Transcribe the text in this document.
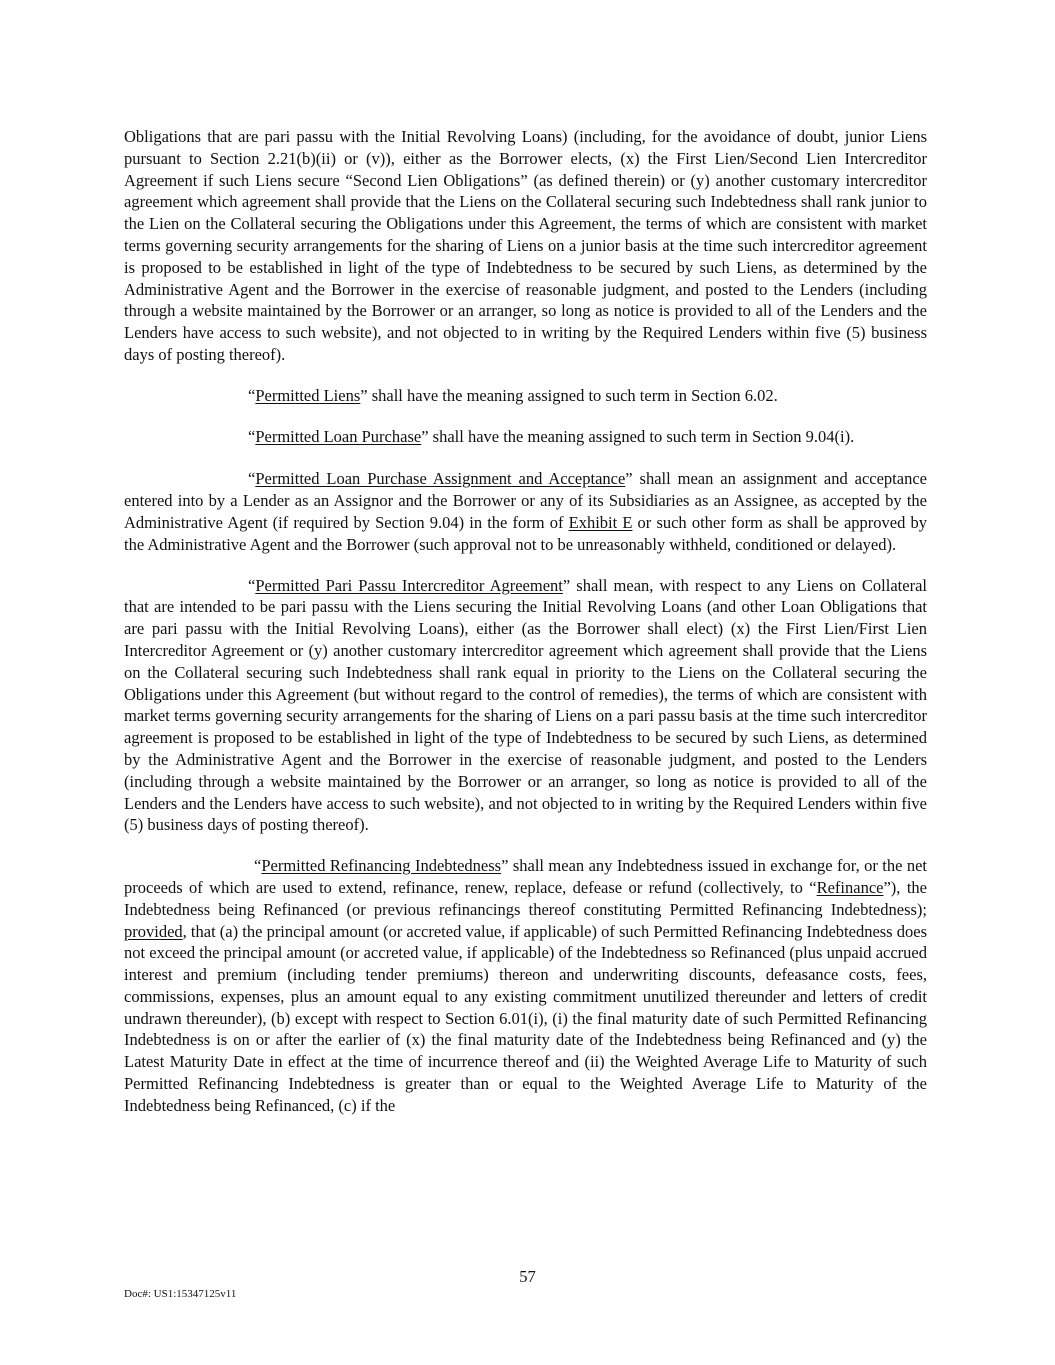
Obligations that are pari passu with the Initial Revolving Loans) (including, for the avoidance of doubt, junior Liens pursuant to Section 2.21(b)(ii) or (v)), either as the Borrower elects, (x) the First Lien/Second Lien Intercreditor Agreement if such Liens secure “Second Lien Obligations” (as defined therein) or (y) another customary intercreditor agreement which agreement shall provide that the Liens on the Collateral securing such Indebtedness shall rank junior to the Lien on the Collateral securing the Obligations under this Agreement, the terms of which are consistent with market terms governing security arrangements for the sharing of Liens on a junior basis at the time such intercreditor agreement is proposed to be established in light of the type of Indebtedness to be secured by such Liens, as determined by the Administrative Agent and the Borrower in the exercise of reasonable judgment, and posted to the Lenders (including through a website maintained by the Borrower or an arranger, so long as notice is provided to all of the Lenders and the Lenders have access to such website), and not objected to in writing by the Required Lenders within five (5) business days of posting thereof).

“Permitted Liens” shall have the meaning assigned to such term in Section 6.02.

“Permitted Loan Purchase” shall have the meaning assigned to such term in Section 9.04(i).

“Permitted Loan Purchase Assignment and Acceptance” shall mean an assignment and acceptance entered into by a Lender as an Assignor and the Borrower or any of its Subsidiaries as an Assignee, as accepted by the Administrative Agent (if required by Section 9.04) in the form of Exhibit E or such other form as shall be approved by the Administrative Agent and the Borrower (such approval not to be unreasonably withheld, conditioned or delayed).

“Permitted Pari Passu Intercreditor Agreement” shall mean, with respect to any Liens on Collateral that are intended to be pari passu with the Liens securing the Initial Revolving Loans (and other Loan Obligations that are pari passu with the Initial Revolving Loans), either (as the Borrower shall elect) (x) the First Lien/First Lien Intercreditor Agreement or (y) another customary intercreditor agreement which agreement shall provide that the Liens on the Collateral securing such Indebtedness shall rank equal in priority to the Liens on the Collateral securing the Obligations under this Agreement (but without regard to the control of remedies), the terms of which are consistent with market terms governing security arrangements for the sharing of Liens on a pari passu basis at the time such intercreditor agreement is proposed to be established in light of the type of Indebtedness to be secured by such Liens, as determined by the Administrative Agent and the Borrower in the exercise of reasonable judgment, and posted to the Lenders (including through a website maintained by the Borrower or an arranger, so long as notice is provided to all of the Lenders and the Lenders have access to such website), and not objected to in writing by the Required Lenders within five (5) business days of posting thereof).

“Permitted Refinancing Indebtedness” shall mean any Indebtedness issued in exchange for, or the net proceeds of which are used to extend, refinance, renew, replace, defease or refund (collectively, to “Refinance”), the Indebtedness being Refinanced (or previous refinancings thereof constituting Permitted Refinancing Indebtedness); provided, that (a) the principal amount (or accreted value, if applicable) of such Permitted Refinancing Indebtedness does not exceed the principal amount (or accreted value, if applicable) of the Indebtedness so Refinanced (plus unpaid accrued interest and premium (including tender premiums) thereon and underwriting discounts, defeasance costs, fees, commissions, expenses, plus an amount equal to any existing commitment unutilized thereunder and letters of credit undrawn thereunder), (b) except with respect to Section 6.01(i), (i) the final maturity date of such Permitted Refinancing Indebtedness is on or after the earlier of (x) the final maturity date of the Indebtedness being Refinanced and (y) the Latest Maturity Date in effect at the time of incurrence thereof and (ii) the Weighted Average Life to Maturity of such Permitted Refinancing Indebtedness is greater than or equal to the Weighted Average Life to Maturity of the Indebtedness being Refinanced, (c) if the

57
Doc#: US1:15347125v11
